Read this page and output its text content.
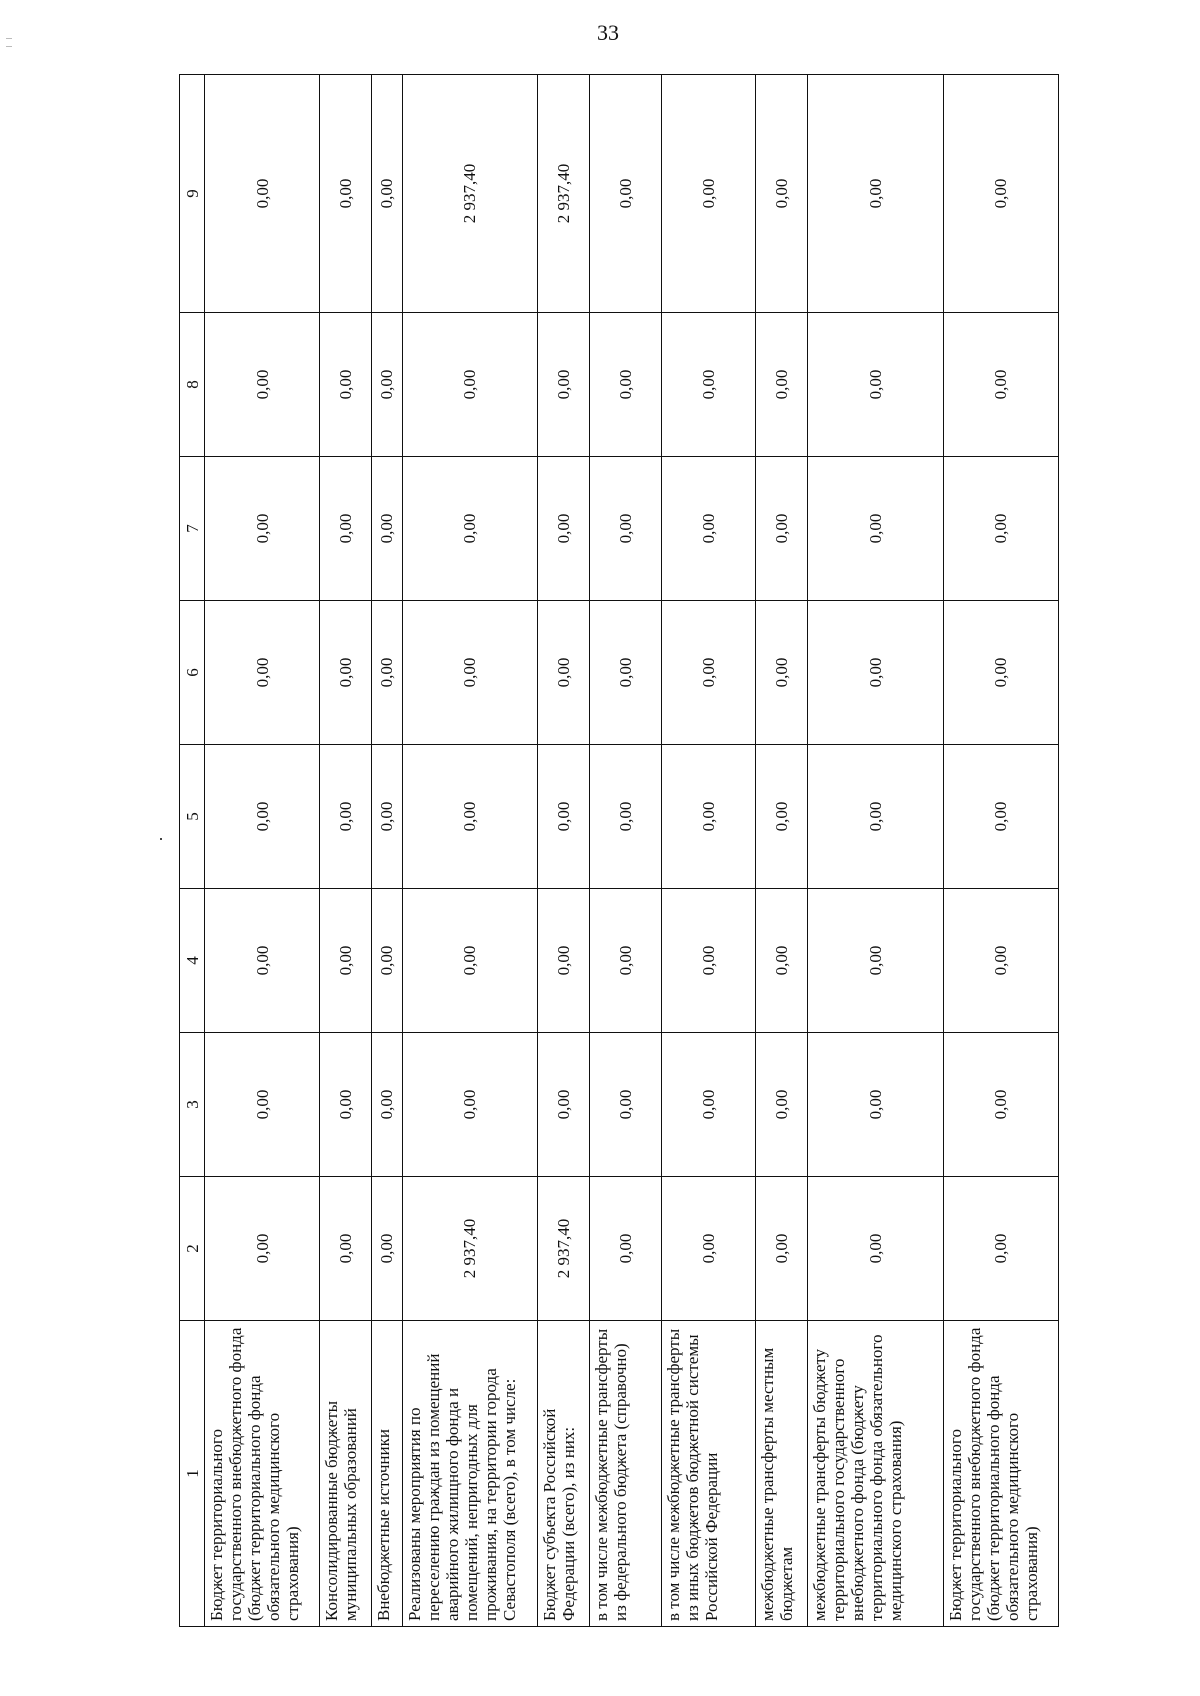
33
1	2	3	4	5	6	7	8	9
Бюджет территориального государственного внебюджетного фонда (бюджет территориального фонда обязательного медицинского страхования)	0,00	0,00	0,00	0,00	0,00	0,00	0,00	0,00
Консолидированные бюджеты муниципальных образований	0,00	0,00	0,00	0,00	0,00	0,00	0,00	0,00
Внебюджетные источники	0,00	0,00	0,00	0,00	0,00	0,00	0,00	0,00
Реализованы мероприятия по переселению граждан из помещений аварийного жилищного фонда и помещений, непригодных для проживания, на территории города Севастополя (всего), в том числе:	2 937,40	0,00	0,00	0,00	0,00	0,00	0,00	2 937,40
Бюджет субъекта Российской Федерации (всего), из них:	2 937,40	0,00	0,00	0,00	0,00	0,00	0,00	2 937,40
в том числе межбюджетные трансферты из федерального бюджета (справочно)	0,00	0,00	0,00	0,00	0,00	0,00	0,00	0,00
в том числе межбюджетные трансферты из иных бюджетов бюджетной системы Российской Федерации	0,00	0,00	0,00	0,00	0,00	0,00	0,00	0,00
межбюджетные трансферты местным бюджетам	0,00	0,00	0,00	0,00	0,00	0,00	0,00	0,00
межбюджетные трансферты бюджету территориального государственного внебюджетного фонда (бюджету территориального фонда обязательного медицинского страхования)	0,00	0,00	0,00	0,00	0,00	0,00	0,00	0,00
Бюджет территориального государственного внебюджетного фонда (бюджет территориального фонда обязательного медицинского страхования)	0,00	0,00	0,00	0,00	0,00	0,00	0,00	0,00
